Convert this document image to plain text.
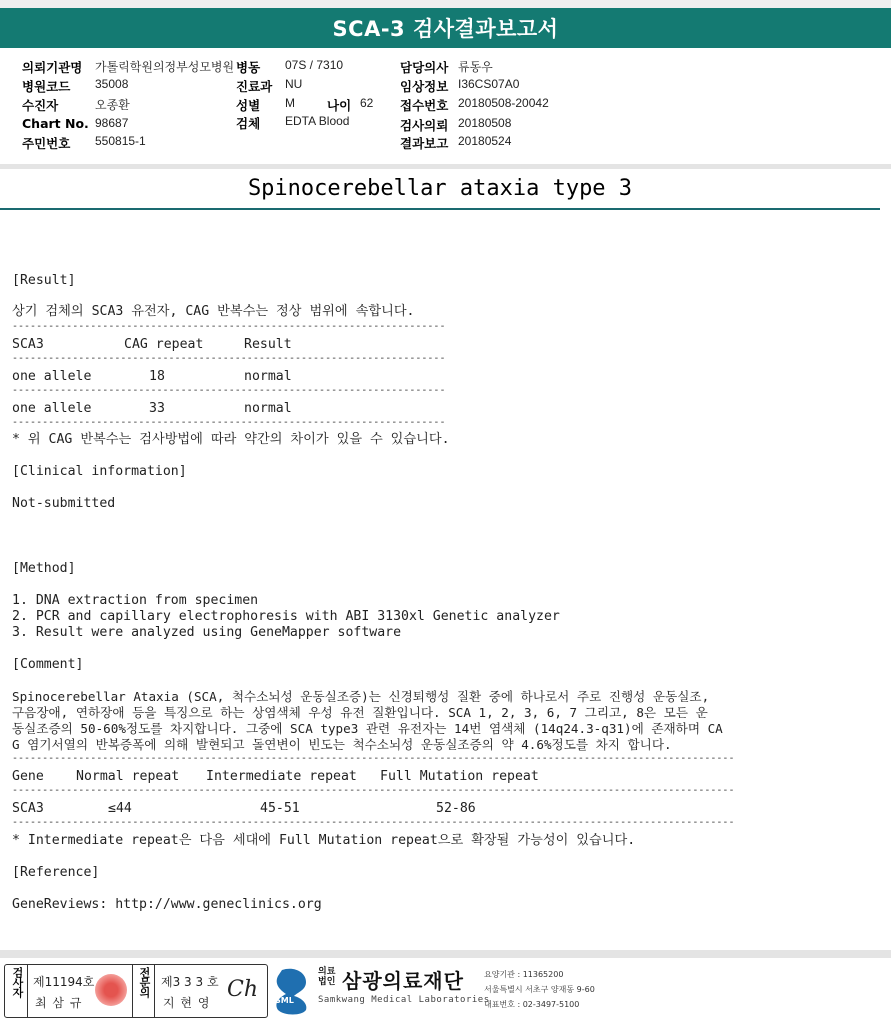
SCA-3 검사결과보고서
의뢰기관명 가톨릭학원의정부성모병원 병동 07S / 7310	담당의사 류동우
병원코드 35008	진료과 NU	임상정보 I36CS07A0
수진자	오종환	성별 M	나이 62 접수번호 20180508-20042
Chart No. 98687	검체 EDTA Blood	검사의뢰 20180508
주민번호 550815-1	결과보고 20180524
Spinocerebellar ataxia type 3
[Result]
상기 검체의 SCA3 유전자, CAG 반복수는 정상 범위에 속합니다.
------------------------------------------------------------------------
SCA3	CAG repeat	Result
------------------------------------------------------------------------
one allele	18	normal
------------------------------------------------------------------------
one allele	33	normal
------------------------------------------------------------------------
* 위 CAG 반복수는 검사방법에 따라 약간의 차이가 있을 수 있습니다.
[Clinical information]
Not-submitted
[Method]
1. DNA extraction from specimen
2. PCR and capillary electrophoresis with ABI 3130xl Genetic analyzer
3. Result were analyzed using GeneMapper software
[Comment]
Spinocerebellar Ataxia (SCA, 척수소뇌성 운동실조증)는 신경퇴행성 질환 중에 하나로서 주로 진행성 운동실조,
구음장애, 연하장애 등을 특징으로 하는 상염색체 우성 유전 질환입니다. SCA 1, 2, 3, 6, 7 그리고, 8은 모든 운
동실조증의 50-60%정도를 차지합니다. 그중에 SCA type3 관련 유전자는 14번 염색체 (14q24.3-q31)에 존재하며 CA
G 염기서열의 반복증폭에 의해 발현되고 돌연변이 빈도는 척수소뇌성 운동실조증의 약 4.6%정도를 차지 합니다.
------------------------------------------------------------------------------------------------------------------------
Gene Normal repeat Intermediate repeat Full Mutation repeat
------------------------------------------------------------------------------------------------------------------------
SCA3	≤44	45-51	52-86
------------------------------------------------------------------------------------------------------------------------
* Intermediate repeat은 다음 세대에 Full Mutation repeat으로 확장될 가능성이 있습니다.
[Reference]
GeneReviews: http://www.geneclinics.org
검사자 제11194호
최 삼 규
전문의 제3 3 3 호
지 현 영
Ch SML
의료법인 삼광의료재단
Samkwang Medical Laboratories
요양기관 : 11365200
서울특별시 서초구 양재동 9-60
대표번호 : 02-3497-5100
